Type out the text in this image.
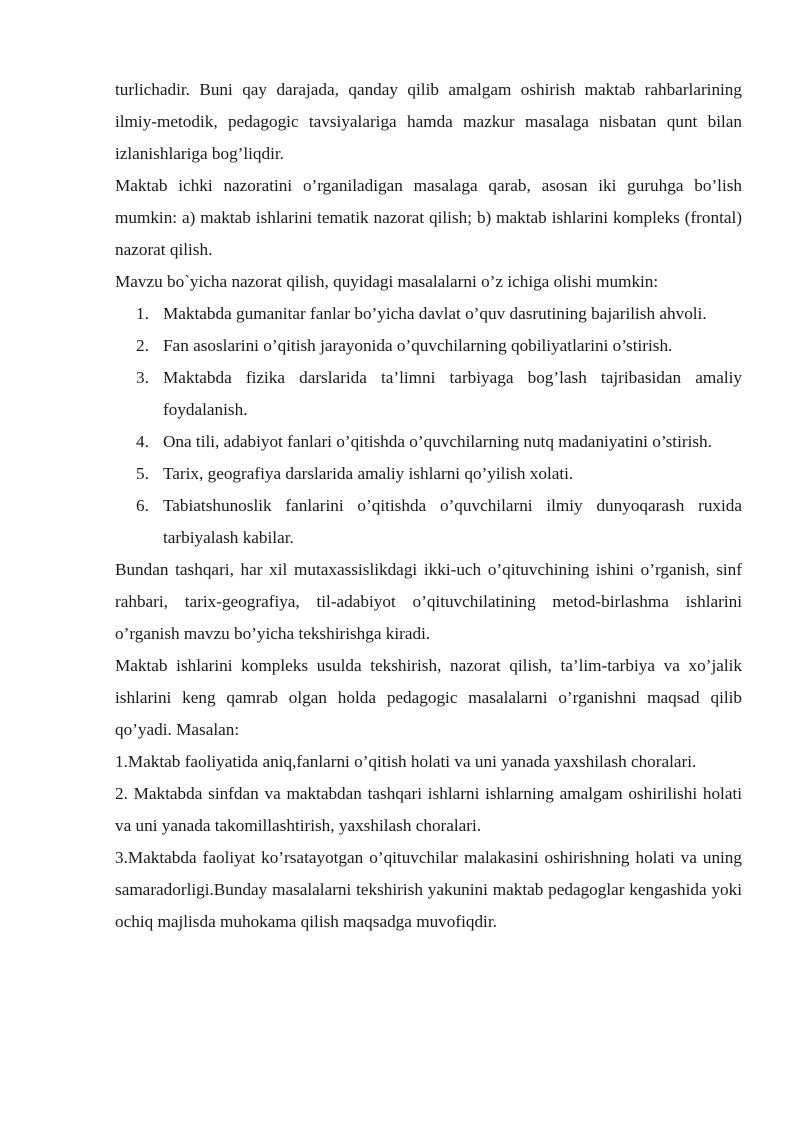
turlichadir. Buni qay darajada, qanday qilib amalgam oshirish maktab rahbarlarining ilmiy-metodik, pedagogic tavsiyalariga hamda mazkur masalaga nisbatan qunt bilan izlanishlariga bog’liqdir.

Maktab ichki nazoratini o’rganiladigan masalaga qarab, asosan iki guruhga bo’lish mumkin: a) maktab ishlarini tematik nazorat qilish; b) maktab ishlarini kompleks (frontal) nazorat qilish.

Mavzu bo`yicha nazorat qilish, quyidagi masalalarni o’z ichiga olishi mumkin:

1. Maktabda gumanitar fanlar bo’yicha davlat o’quv dasrutining bajarilish ahvoli.
2. Fan asoslarini o’qitish jarayonida o’quvchilarning qobiliyatlarini o’stirish.
3. Maktabda fizika darslarida ta’limni tarbiyaga bog’lash tajribasidan amaliy foydalanish.
4. Ona tili, adabiyot fanlari o’qitishda o’quvchilarning nutq madaniyatini o’stirish.
5. Tarix, geografiya darslarida amaliy ishlarni qo’yilish xolati.
6. Tabiatshunoslik fanlarini o’qitishda o’quvchilarni ilmiy dunyoqarash ruxida tarbiyalash kabilar.

Bundan tashqari, har xil mutaxassislikdagi ikki-uch o’qituvchining ishini o’rganish, sinf rahbari, tarix-geografiya, til-adabiyot o’qituvchilatining metod-birlashma ishlarini o’rganish mavzu bo’yicha tekshirishga kiradi.

Maktab ishlarini kompleks usulda tekshirish, nazorat qilish, ta’lim-tarbiya va xo’jalik ishlarini keng qamrab olgan holda pedagogic masalalarni o’rganishni maqsad qilib qo’yadi. Masalan:

1.Maktab faoliyatida aniq,fanlarni o’qitish holati va uni yanada yaxshilash choralari.

2. Maktabda sinfdan va maktabdan tashqari ishlarni ishlarning amalgam oshirilishi holati va uni yanada takomillashtirish, yaxshilash choralari.

3.Maktabda faoliyat ko’rsatayotgan o’qituvchilar malakasini oshirishning holati va uning samaradorligi.Bunday masalalarni tekshirish yakunini maktab pedagoglar kengashida yoki ochiq majlisda muhokama qilish maqsadga muvofiqdir.
